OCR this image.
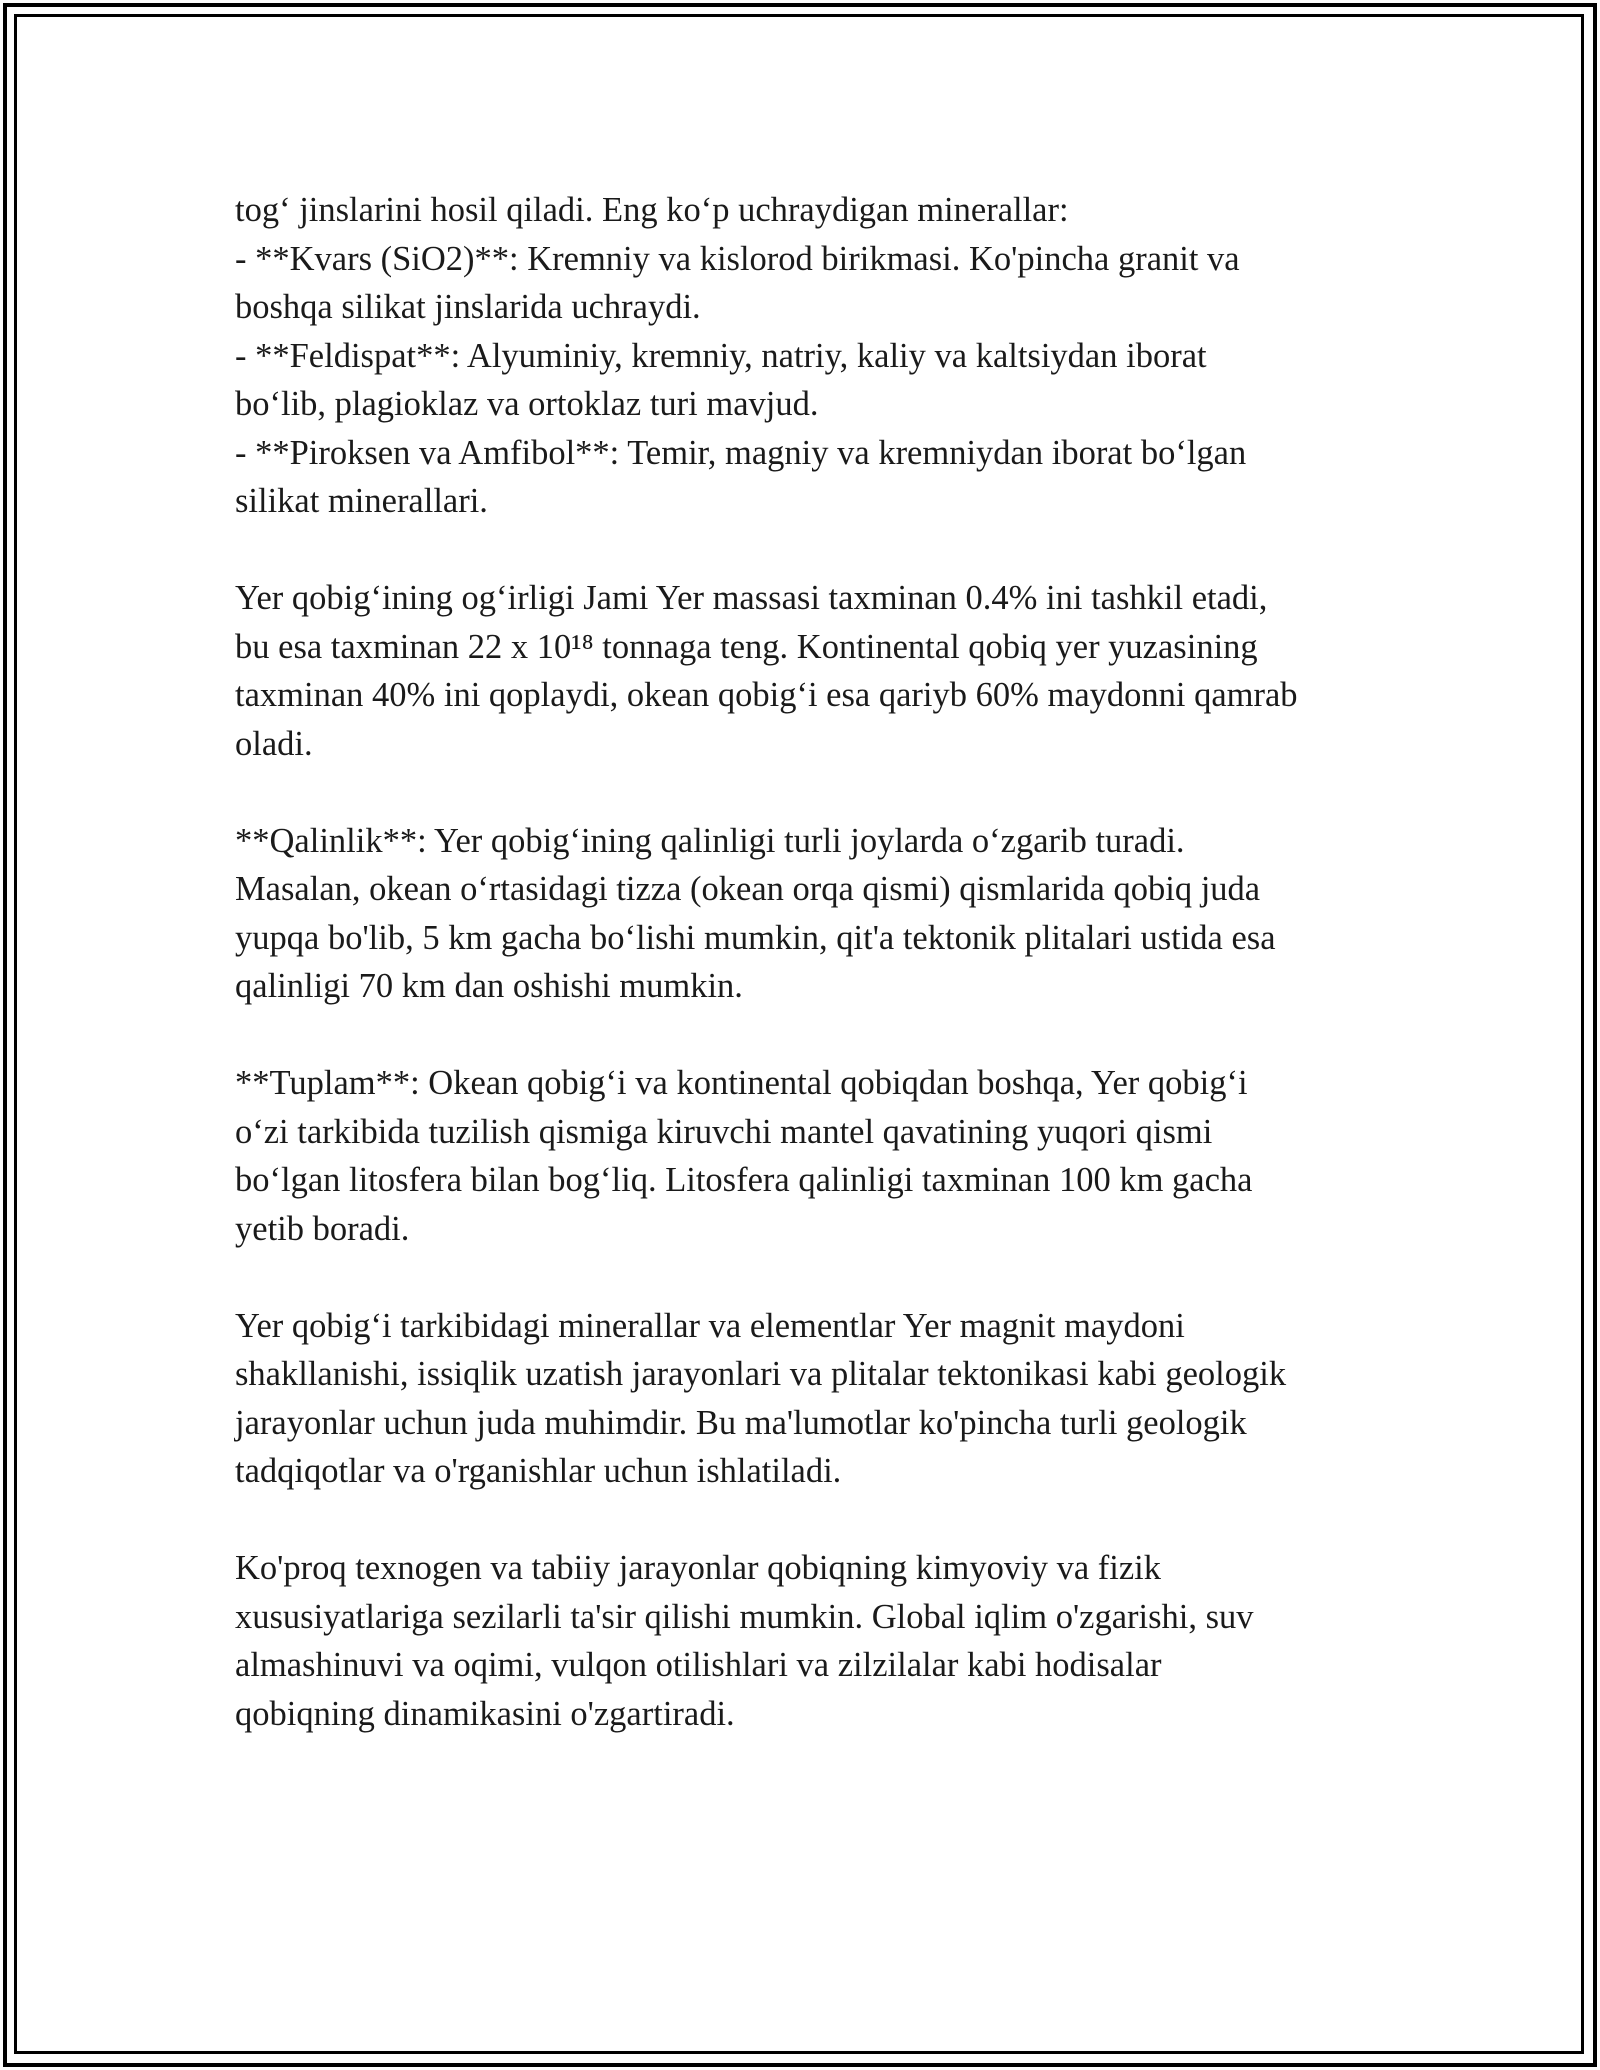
tog‘ jinslarini hosil qiladi. Eng ko‘p uchraydigan minerallar:
- **Kvars (SiO2)**: Kremniy va kislorod birikmasi. Ko'pincha granit va
boshqa silikat jinslarida uchraydi.
- **Feldispat**: Alyuminiy, kremniy, natriy, kaliy va kaltsiydan iborat
bo‘lib, plagioklaz va ortoklaz turi mavjud.
- **Piroksen va Amfibol**: Temir, magniy va kremniydan iborat bo‘lgan
silikat minerallari.
Yer qobig‘ining og‘irligi Jami Yer massasi taxminan 0.4% ini tashkil etadi,
bu esa taxminan 22 x 10¹⁸ tonnaga teng. Kontinental qobiq yer yuzasining
taxminan 40% ini qoplaydi, okean qobig‘i esa qariyb 60% maydonni qamrab
oladi.
**Qalinlik**: Yer qobig‘ining qalinligi turli joylarda o‘zgarib turadi.
Masalan, okean o‘rtasidagi tizza (okean orqa qismi) qismlarida qobiq juda
yupqa bo'lib, 5 km gacha bo‘lishi mumkin, qit'a tektonik plitalari ustida esa
qalinligi 70 km dan oshishi mumkin.
**Tuplam**: Okean qobig‘i va kontinental qobiqdan boshqa, Yer qobig‘i
o‘zi tarkibida tuzilish qismiga kiruvchi mantel qavatining yuqori qismi
bo‘lgan litosfera bilan bog‘liq. Litosfera qalinligi taxminan 100 km gacha
yetib boradi.
Yer qobig‘i tarkibidagi minerallar va elementlar Yer magnit maydoni
shakllanishi, issiqlik uzatish jarayonlari va plitalar tektonikasi kabi geologik
jarayonlar uchun juda muhimdir. Bu ma'lumotlar ko'pincha turli geologik
tadqiqotlar va o'rganishlar uchun ishlatiladi.
Ko'proq texnogen va tabiiy jarayonlar qobiqning kimyoviy va fizik
xususiyatlariga sezilarli ta'sir qilishi mumkin. Global iqlim o'zgarishi, suv
almashinuvi va oqimi, vulqon otilishlari va zilzilalar kabi hodisalar
qobiqning dinamikasini o'zgartiradi.
